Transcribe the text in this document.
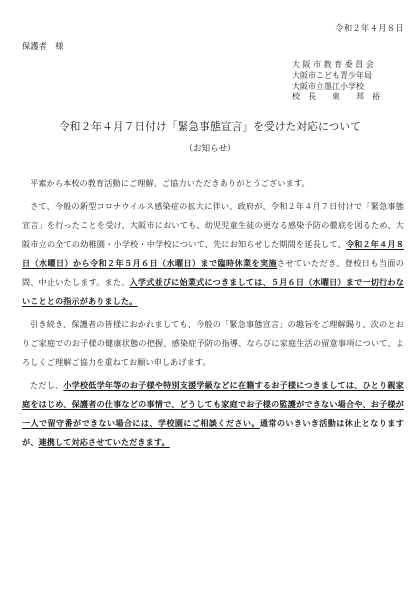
令和２年４月８日
保護者　様
大 阪 市 教 育 委 員 会
大阪市こども青少年局
大阪市立墨江小学校
校　長　　東　　邦　裕
令和２年４月７日付け「緊急事態宣言」を受けた対応について
（お知らせ）

平素から本校の教育活動にご理解、ご協力いただきありがとうございます。

さて、今般の新型コロナウイルス感染症の拡大に伴い、政府が、令和２年４月７日付けで「緊急事態宣言」を行ったことを受け、大阪市においても、幼児児童生徒の更なる感染予防の徹底を図るため、大阪市立の全ての幼稚園・小学校・中学校について、先にお知らせした期間を延長して、令和２年４月８日（水曜日）から令和２年５月６日（水曜日）まで臨時休業を実施させていただき、登校日も当面の間、中止いたします。また、入学式並びに始業式につきましては、５月６日（水曜日）まで一切行わないこととの指示がありました。

引き続き、保護者の皆様におかれましても、今般の「緊急事態宣言」の趣旨をご理解賜り、次のとおりご家庭でのお子様の健康状態の把握、感染症予防の指導、ならびに家庭生活の留意事項について、よろしくご理解ご協力を重ねてお願い申しあげます。

ただし、小学校低学年等のお子様や特別支援学級などに在籍するお子様につきましては、ひとり親家庭をはじめ、保護者の仕事などの事情で、どうしても家庭でお子様の監護ができない場合や、お子様が一人で留守番ができない場合には、学校園にご相談ください。通常のいきいき活動は休止となりますが、連携して対応させていただきます。
